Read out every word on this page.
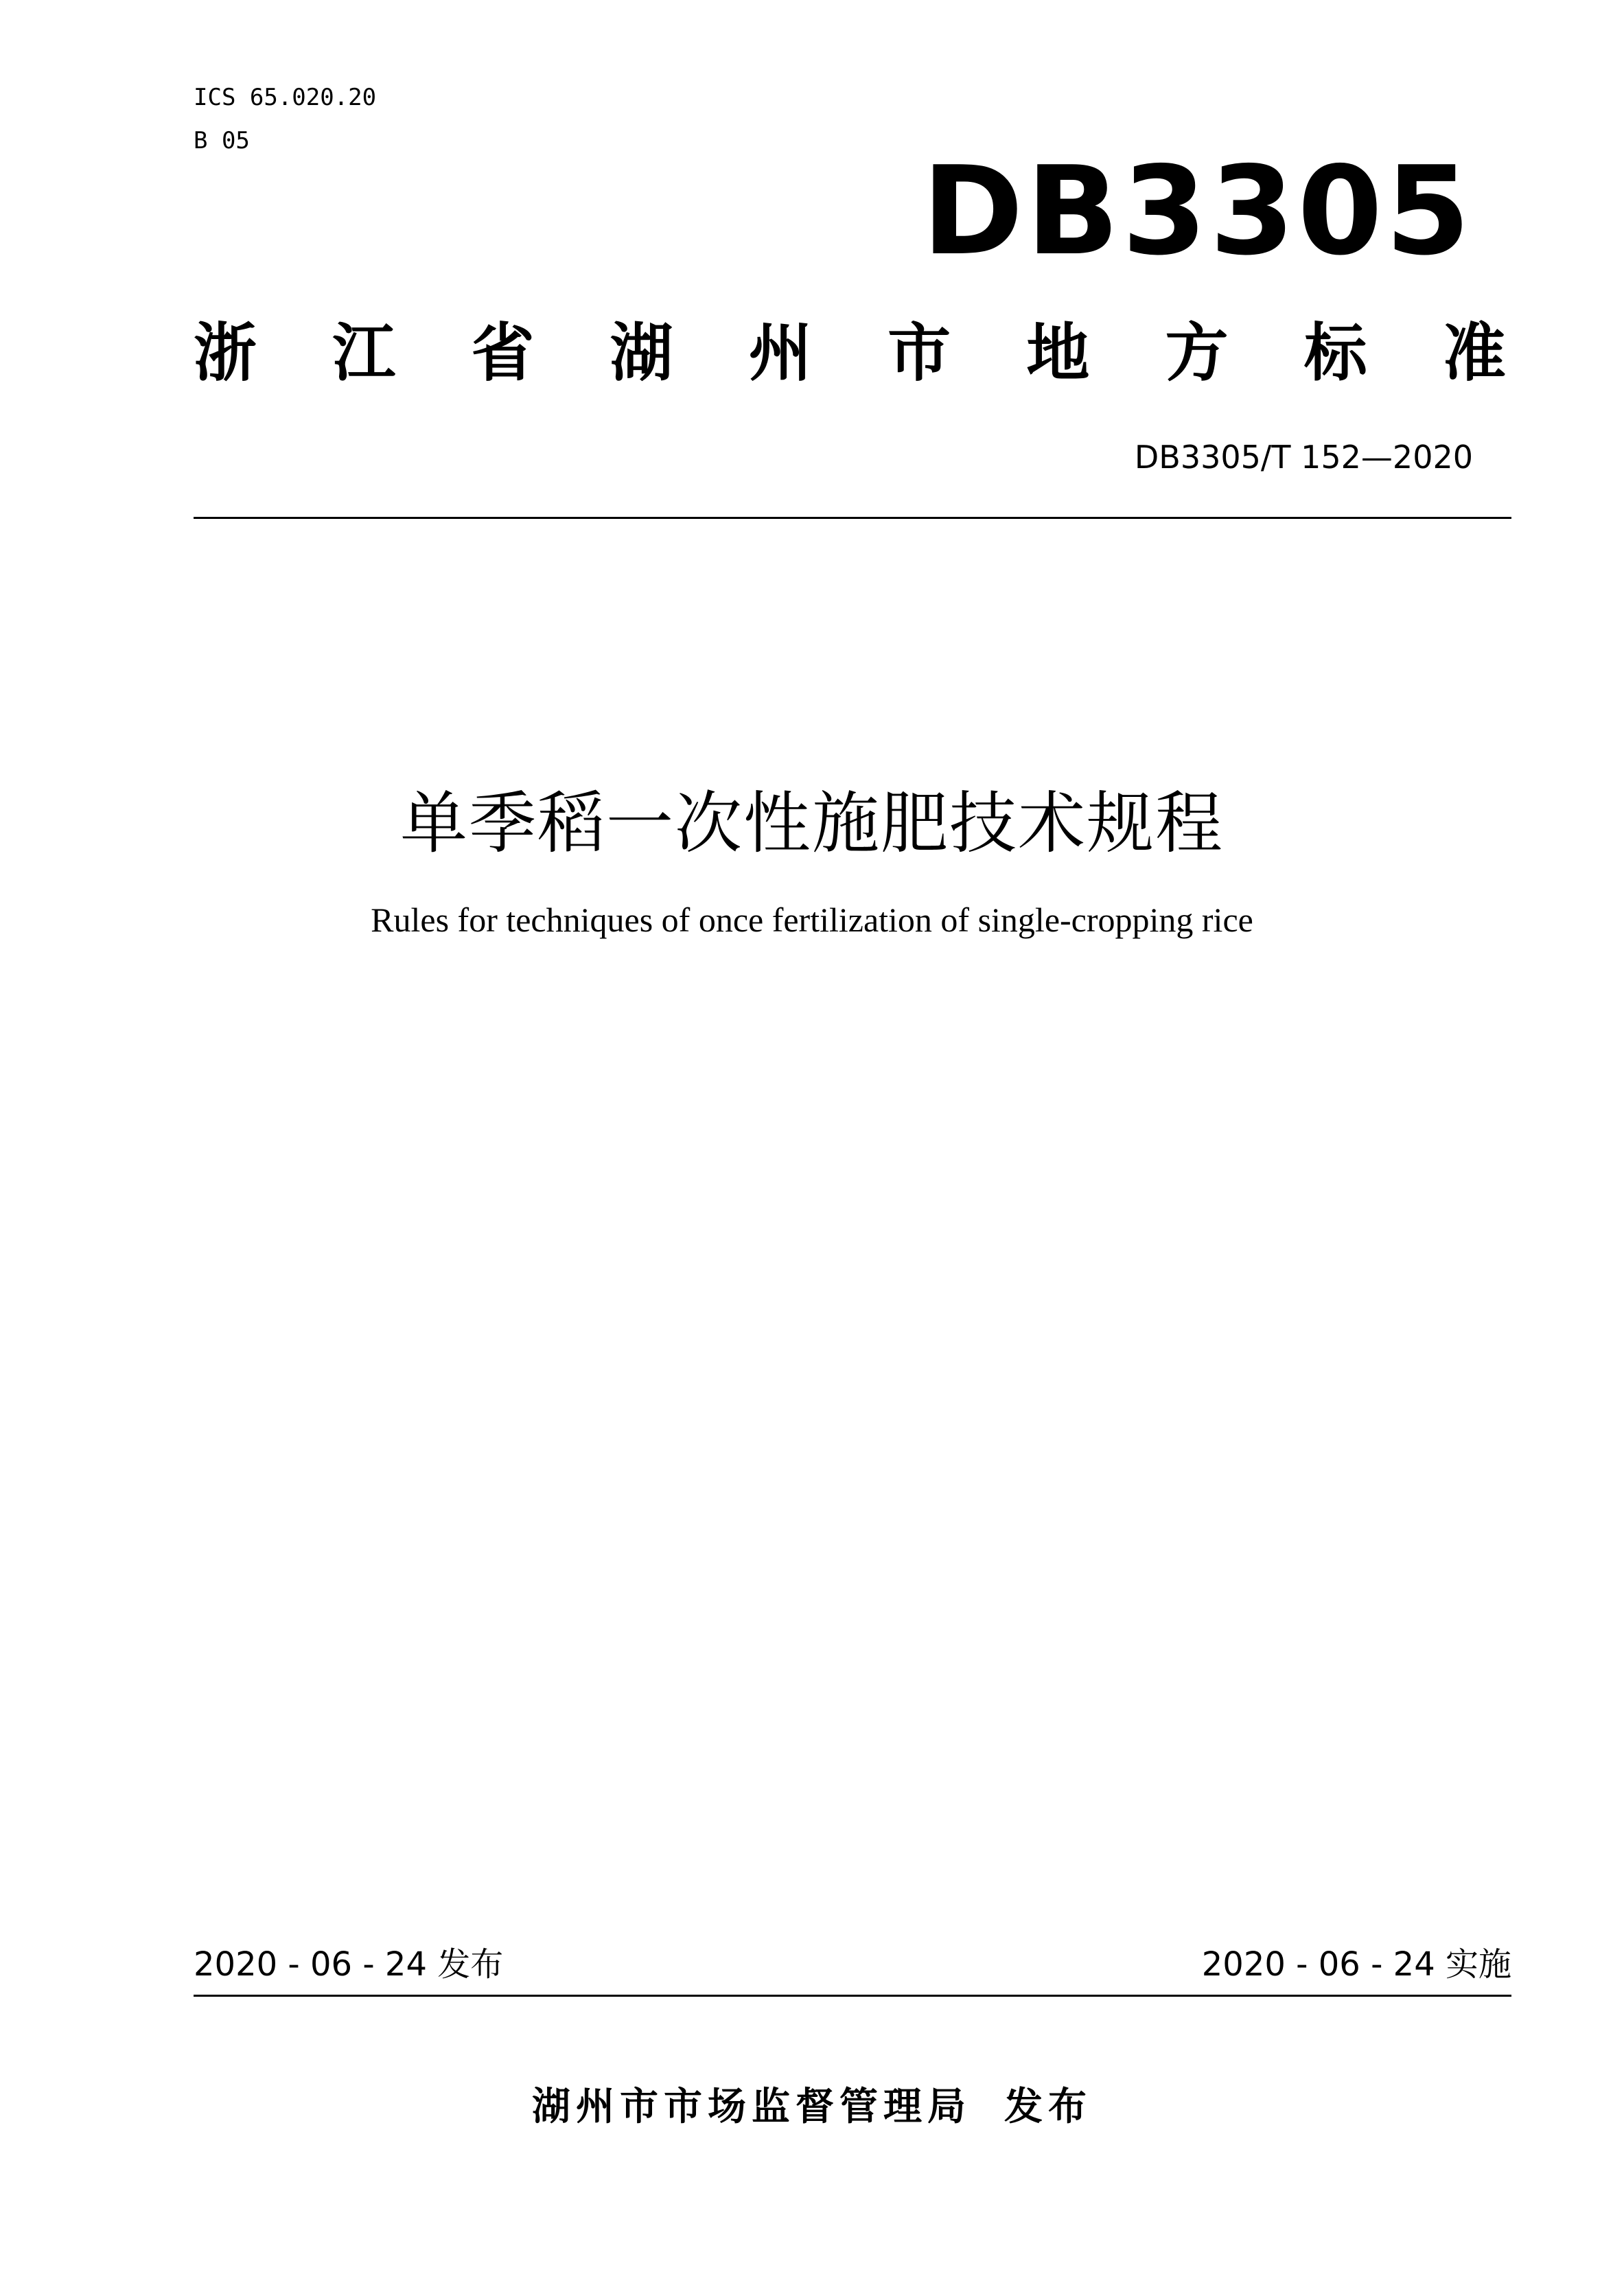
ICS 65.020.20
B 05	DB3305
浙 江 省 湖 州 市 地 方 标 准
DB3305/T 152—2020
单季稻一次性施肥技术规程
Rules for techniques of once fertilization of single-cropping rice
2020 - 06 - 24 发布	2020 - 06 - 24 实施
湖州市市场监督管理局 发布
